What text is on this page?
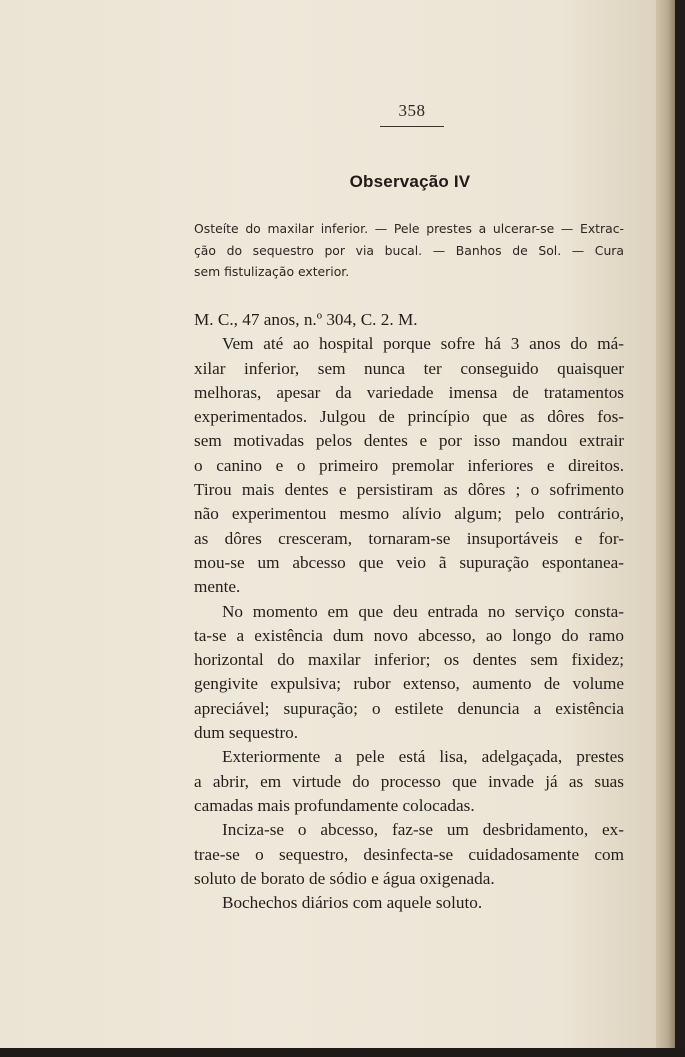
358
Observação IV
Osteíte do maxilar inferior. — Pele prestes a ulcerar-se — Extrac-
ção do sequestro por via bucal. — Banhos de Sol. — Cura
sem fistulização exterior.
M. C., 47 anos, n.º 304, C. 2. M.
Vem até ao hospital porque sofre há 3 anos do má-
xilar inferior, sem nunca ter conseguido quaisquer
melhoras, apesar da variedade imensa de tratamentos
experimentados. Julgou de princípio que as dôres fos-
sem motivadas pelos dentes e por isso mandou extrair
o canino e o primeiro premolar inferiores e direitos.
Tirou mais dentes e persistiram as dôres ; o sofrimento
não experimentou mesmo alívio algum; pelo contrário,
as dôres cresceram, tornaram-se insuportáveis e for-
mou-se um abcesso que veio ã supuração espontanea-
mente.
No momento em que deu entrada no serviço consta-
ta-se a existência dum novo abcesso, ao longo do ramo
horizontal do maxilar inferior; os dentes sem fixidez;
gengivite expulsiva; rubor extenso, aumento de volume
apreciável; supuração; o estilete denuncia a existência
dum sequestro.
Exteriormente a pele está lisa, adelgaçada, prestes
a abrir, em virtude do processo que invade já as suas
camadas mais profundamente colocadas.
Inciza-se o abcesso, faz-se um desbridamento, ex-
trae-se o sequestro, desinfecta-se cuidadosamente com
soluto de borato de sódio e água oxigenada.
Bochechos diários com aquele soluto.
